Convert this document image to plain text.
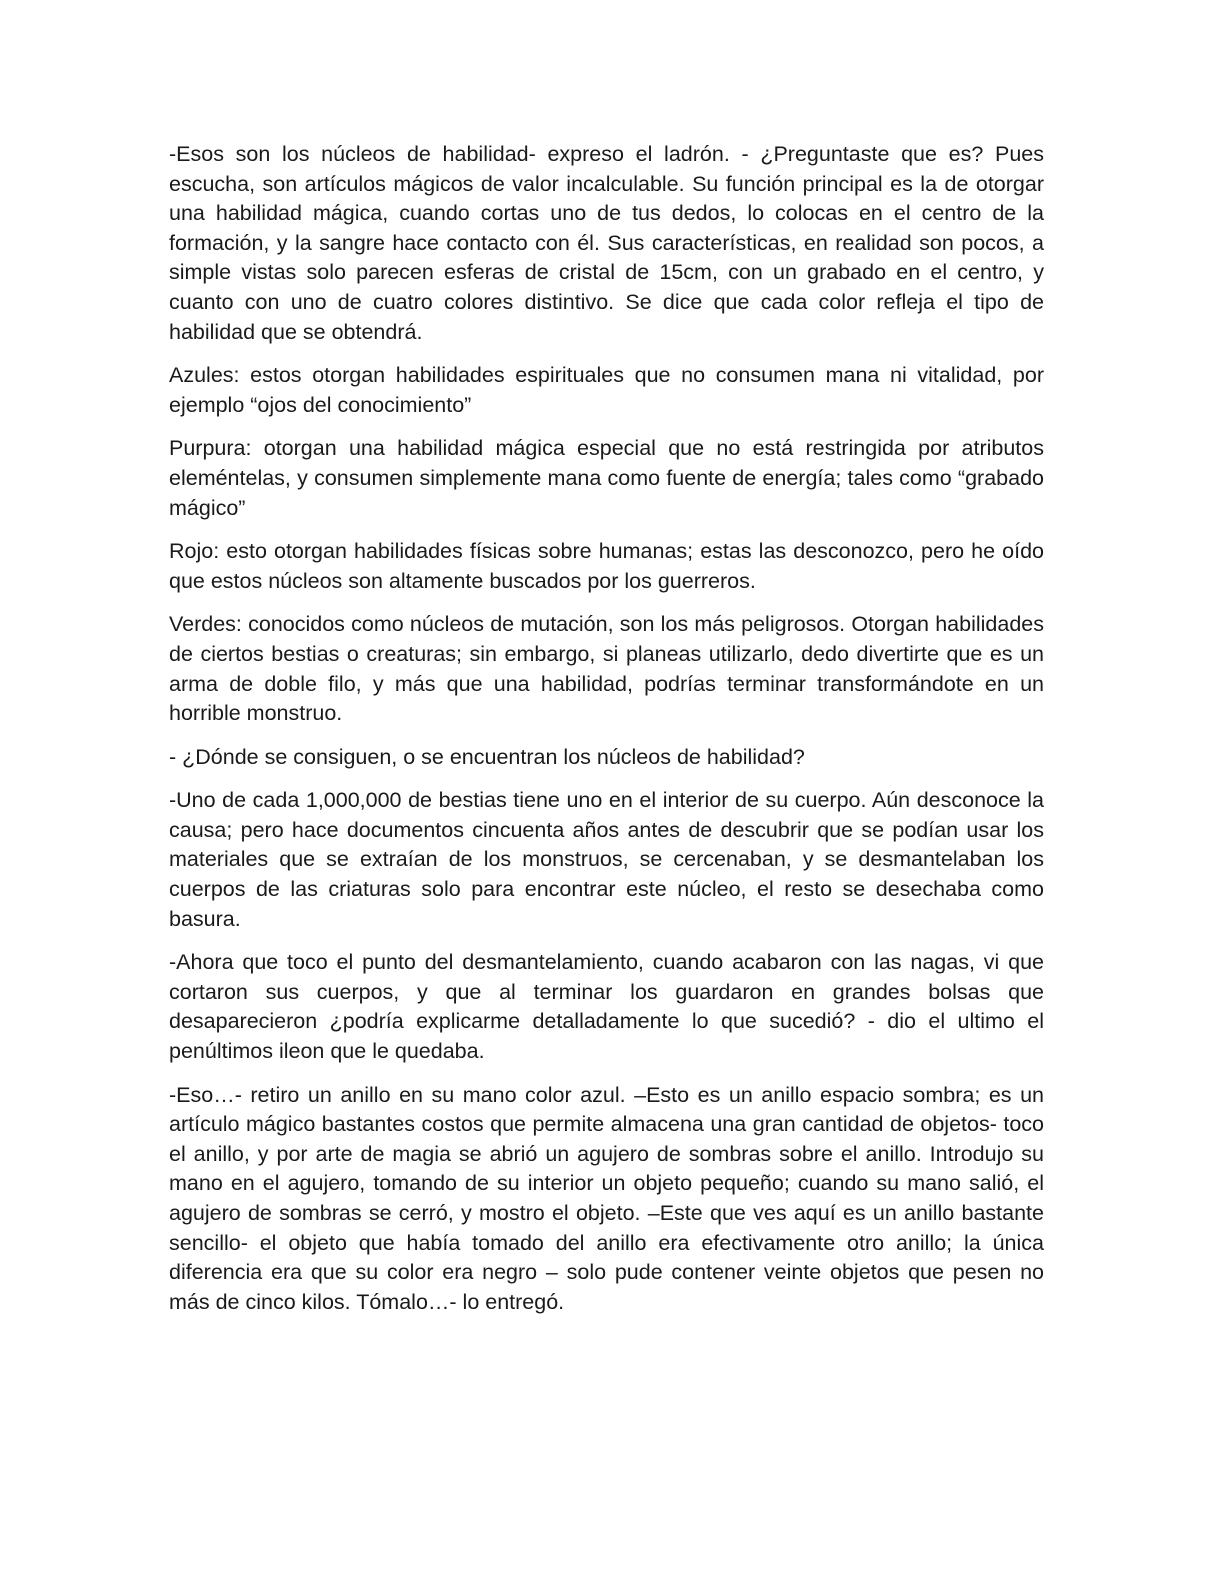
-Esos son los núcleos de habilidad- expreso el ladrón. - ¿Preguntaste que es? Pues escucha, son artículos mágicos de valor incalculable. Su función principal es la de otorgar una habilidad mágica, cuando cortas uno de tus dedos, lo colocas en el centro de la formación, y la sangre hace contacto con él. Sus características, en realidad son pocos, a simple vistas solo parecen esferas de cristal de 15cm, con un grabado en el centro, y cuanto con uno de cuatro colores distintivo. Se dice que cada color refleja el tipo de habilidad que se obtendrá.

Azules: estos otorgan habilidades espirituales que no consumen mana ni vitalidad, por ejemplo “ojos del conocimiento”

Purpura: otorgan una habilidad mágica especial que no está restringida por atributos eleméntelas, y consumen simplemente mana como fuente de energía; tales como “grabado mágico”

Rojo: esto otorgan habilidades físicas sobre humanas; estas las desconozco, pero he oído que estos núcleos son altamente buscados por los guerreros.

Verdes: conocidos como núcleos de mutación, son los más peligrosos. Otorgan habilidades de ciertos bestias o creaturas; sin embargo, si planeas utilizarlo, dedo divertirte que es un arma de doble filo, y más que una habilidad, podrías terminar transformándote en un horrible monstruo.

- ¿Dónde se consiguen, o se encuentran los núcleos de habilidad?

-Uno de cada 1,000,000 de bestias tiene uno en el interior de su cuerpo. Aún desconoce la causa; pero hace documentos cincuenta años antes de descubrir que se podían usar los materiales que se extraían de los monstruos, se cercenaban, y se desmantelaban los cuerpos de las criaturas solo para encontrar este núcleo, el resto se desechaba como basura.

-Ahora que toco el punto del desmantelamiento, cuando acabaron con las nagas, vi que cortaron sus cuerpos, y que al terminar los guardaron en grandes bolsas que desaparecieron ¿podría explicarme detalladamente lo que sucedió? - dio el ultimo el penúltimos ileon que le quedaba.

-Eso…- retiro un anillo en su mano color azul. –Esto es un anillo espacio sombra; es un artículo mágico bastantes costos que permite almacena una gran cantidad de objetos- toco el anillo, y por arte de magia se abrió un agujero de sombras sobre el anillo. Introdujo su mano en el agujero, tomando de su interior un objeto pequeño; cuando su mano salió, el agujero de sombras se cerró, y mostro el objeto. –Este que ves aquí es un anillo bastante sencillo- el objeto que había tomado del anillo era efectivamente otro anillo; la única diferencia era que su color era negro – solo pude contener veinte objetos que pesen no más de cinco kilos. Tómalo…- lo entregó.
